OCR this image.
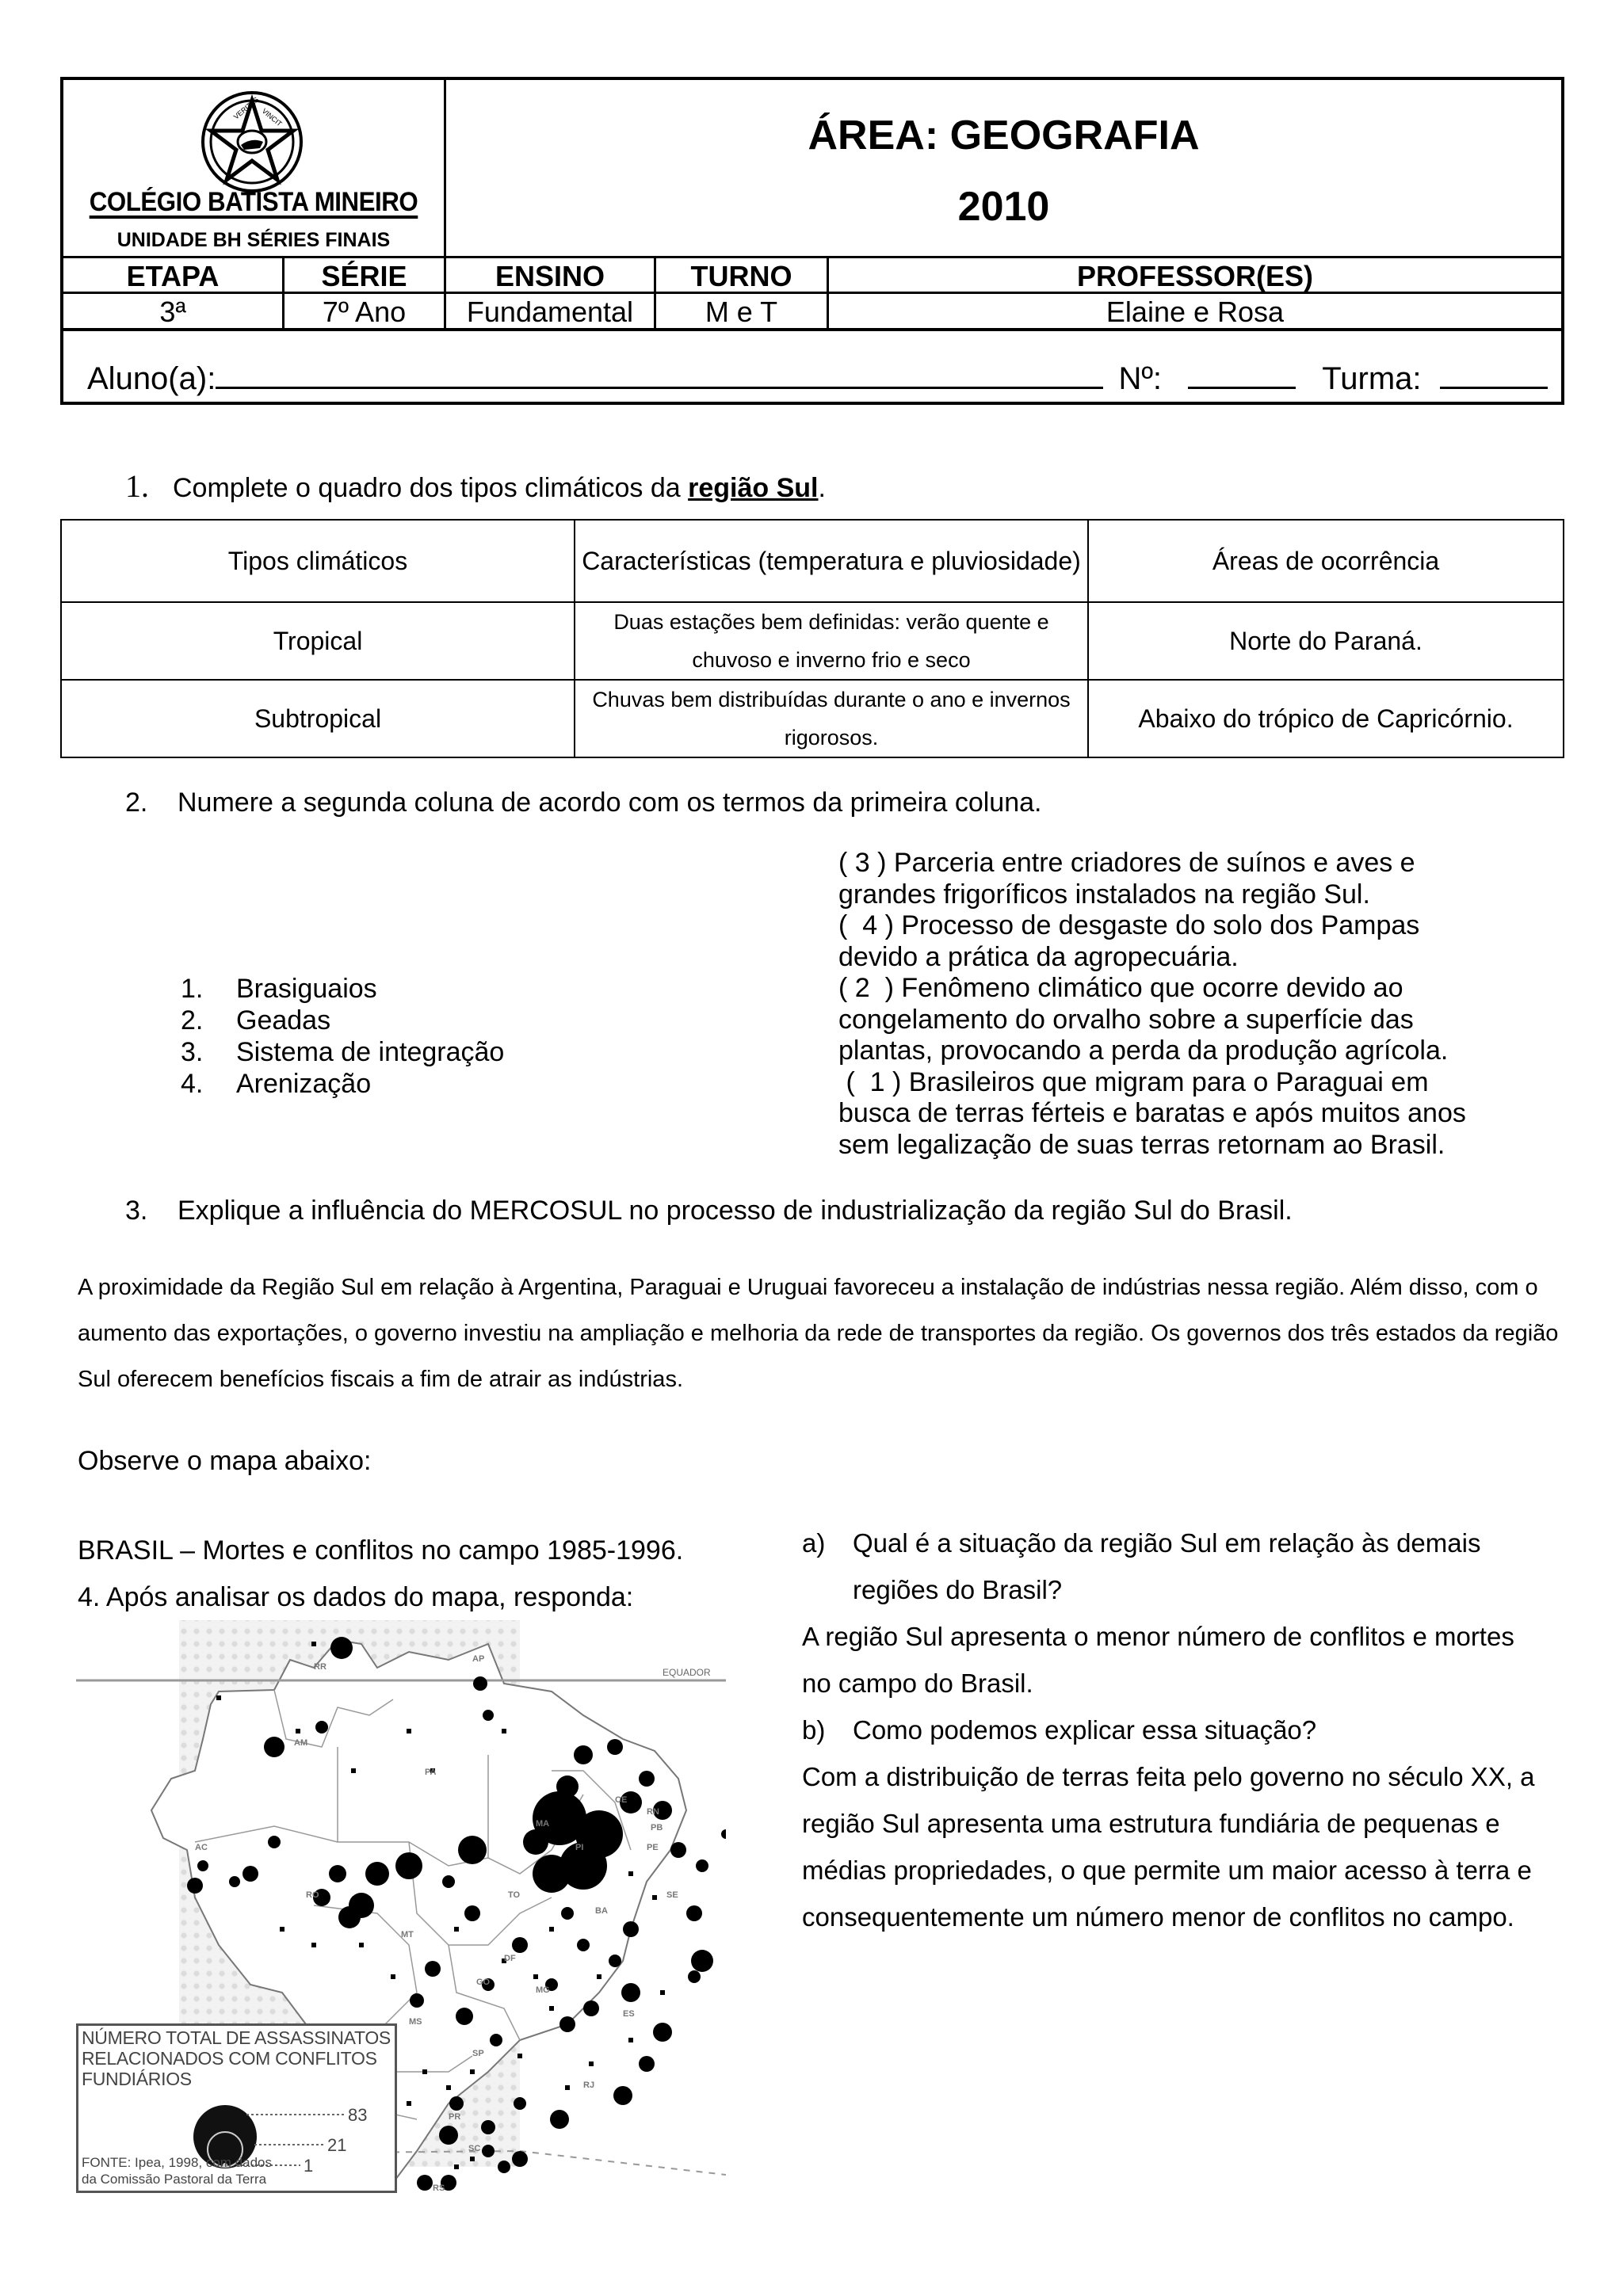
VERITAS VINCIT
COLÉGIO BATISTA MINEIRO
UNIDADE BH SÉRIES FINAIS
ÁREA: GEOGRAFIA
2010
ETAPA	SÉRIE	ENSINO	TURNO	PROFESSOR(ES)
3ª	7º Ano	Fundamental	M e T	Elaine e Rosa
Aluno(a):	Nº:	Turma:
1. Complete o quadro dos tipos climáticos da região Sul.
Tipos climáticos	Características (temperatura e pluviosidade)	Áreas de ocorrência
Tropical	Duas estações bem definidas: verão quente e chuvoso e inverno frio e seco	Norte do Paraná.
Subtropical	Chuvas bem distribuídas durante o ano e invernos rigorosos.	Abaixo do trópico de Capricórnio.
2. Numere a segunda coluna de acordo com os termos da primeira coluna.
1. Brasiguaios
2. Geadas
3. Sistema de integração
4. Arenização
( 3 ) Parceria entre criadores de suínos e aves e
grandes frigoríficos instalados na região Sul.
(  4 ) Processo de desgaste do solo dos Pampas
devido a prática da agropecuária.
( 2  ) Fenômeno climático que ocorre devido ao
congelamento do orvalho sobre a superfície das
plantas, provocando a perda da produção agrícola.
(  1 ) Brasileiros que migram para o Paraguai em
busca de terras férteis e baratas e após muitos anos
sem legalização de suas terras retornam ao Brasil.
3. Explique a influência do MERCOSUL no processo de industrialização da região Sul do Brasil.
A proximidade da Região Sul em relação à Argentina, Paraguai e Uruguai favoreceu a instalação de indústrias nessa região. Além disso, com o aumento das exportações, o governo investiu na ampliação e melhoria da rede de transportes da região. Os governos dos três estados da região Sul oferecem benefícios fiscais a fim de atrair as indústrias.
Observe o mapa abaixo:
BRASIL – Mortes e conflitos no campo 1985-1996.
4. Após analisar os dados do mapa, responda:
EQUADOR
RR
AP
AM
PA
MA
CE
RN
PB
PE
PI
AC
RO	TO
BA
SE
MT
DF
GO
MG
ES
MS
SP
RJ
PR
SC
RS
NÚMERO TOTAL DE ASSASSINATOS
RELACIONADOS COM CONFLITOS
FUNDIÁRIOS
83
21
1
FONTE: Ipea, 1998, com dados
da Comissão Pastoral da Terra
a) Qual é a situação da região Sul em relação às demais regiões do Brasil?
A região Sul apresenta o menor número de conflitos e mortes no campo do Brasil.
b) Como podemos explicar essa situação?
Com a distribuição de terras feita pelo governo no século XX, a região Sul apresenta uma estrutura fundiária de pequenas e médias propriedades, o que permite um maior acesso à terra e consequentemente um número menor de conflitos no campo.
